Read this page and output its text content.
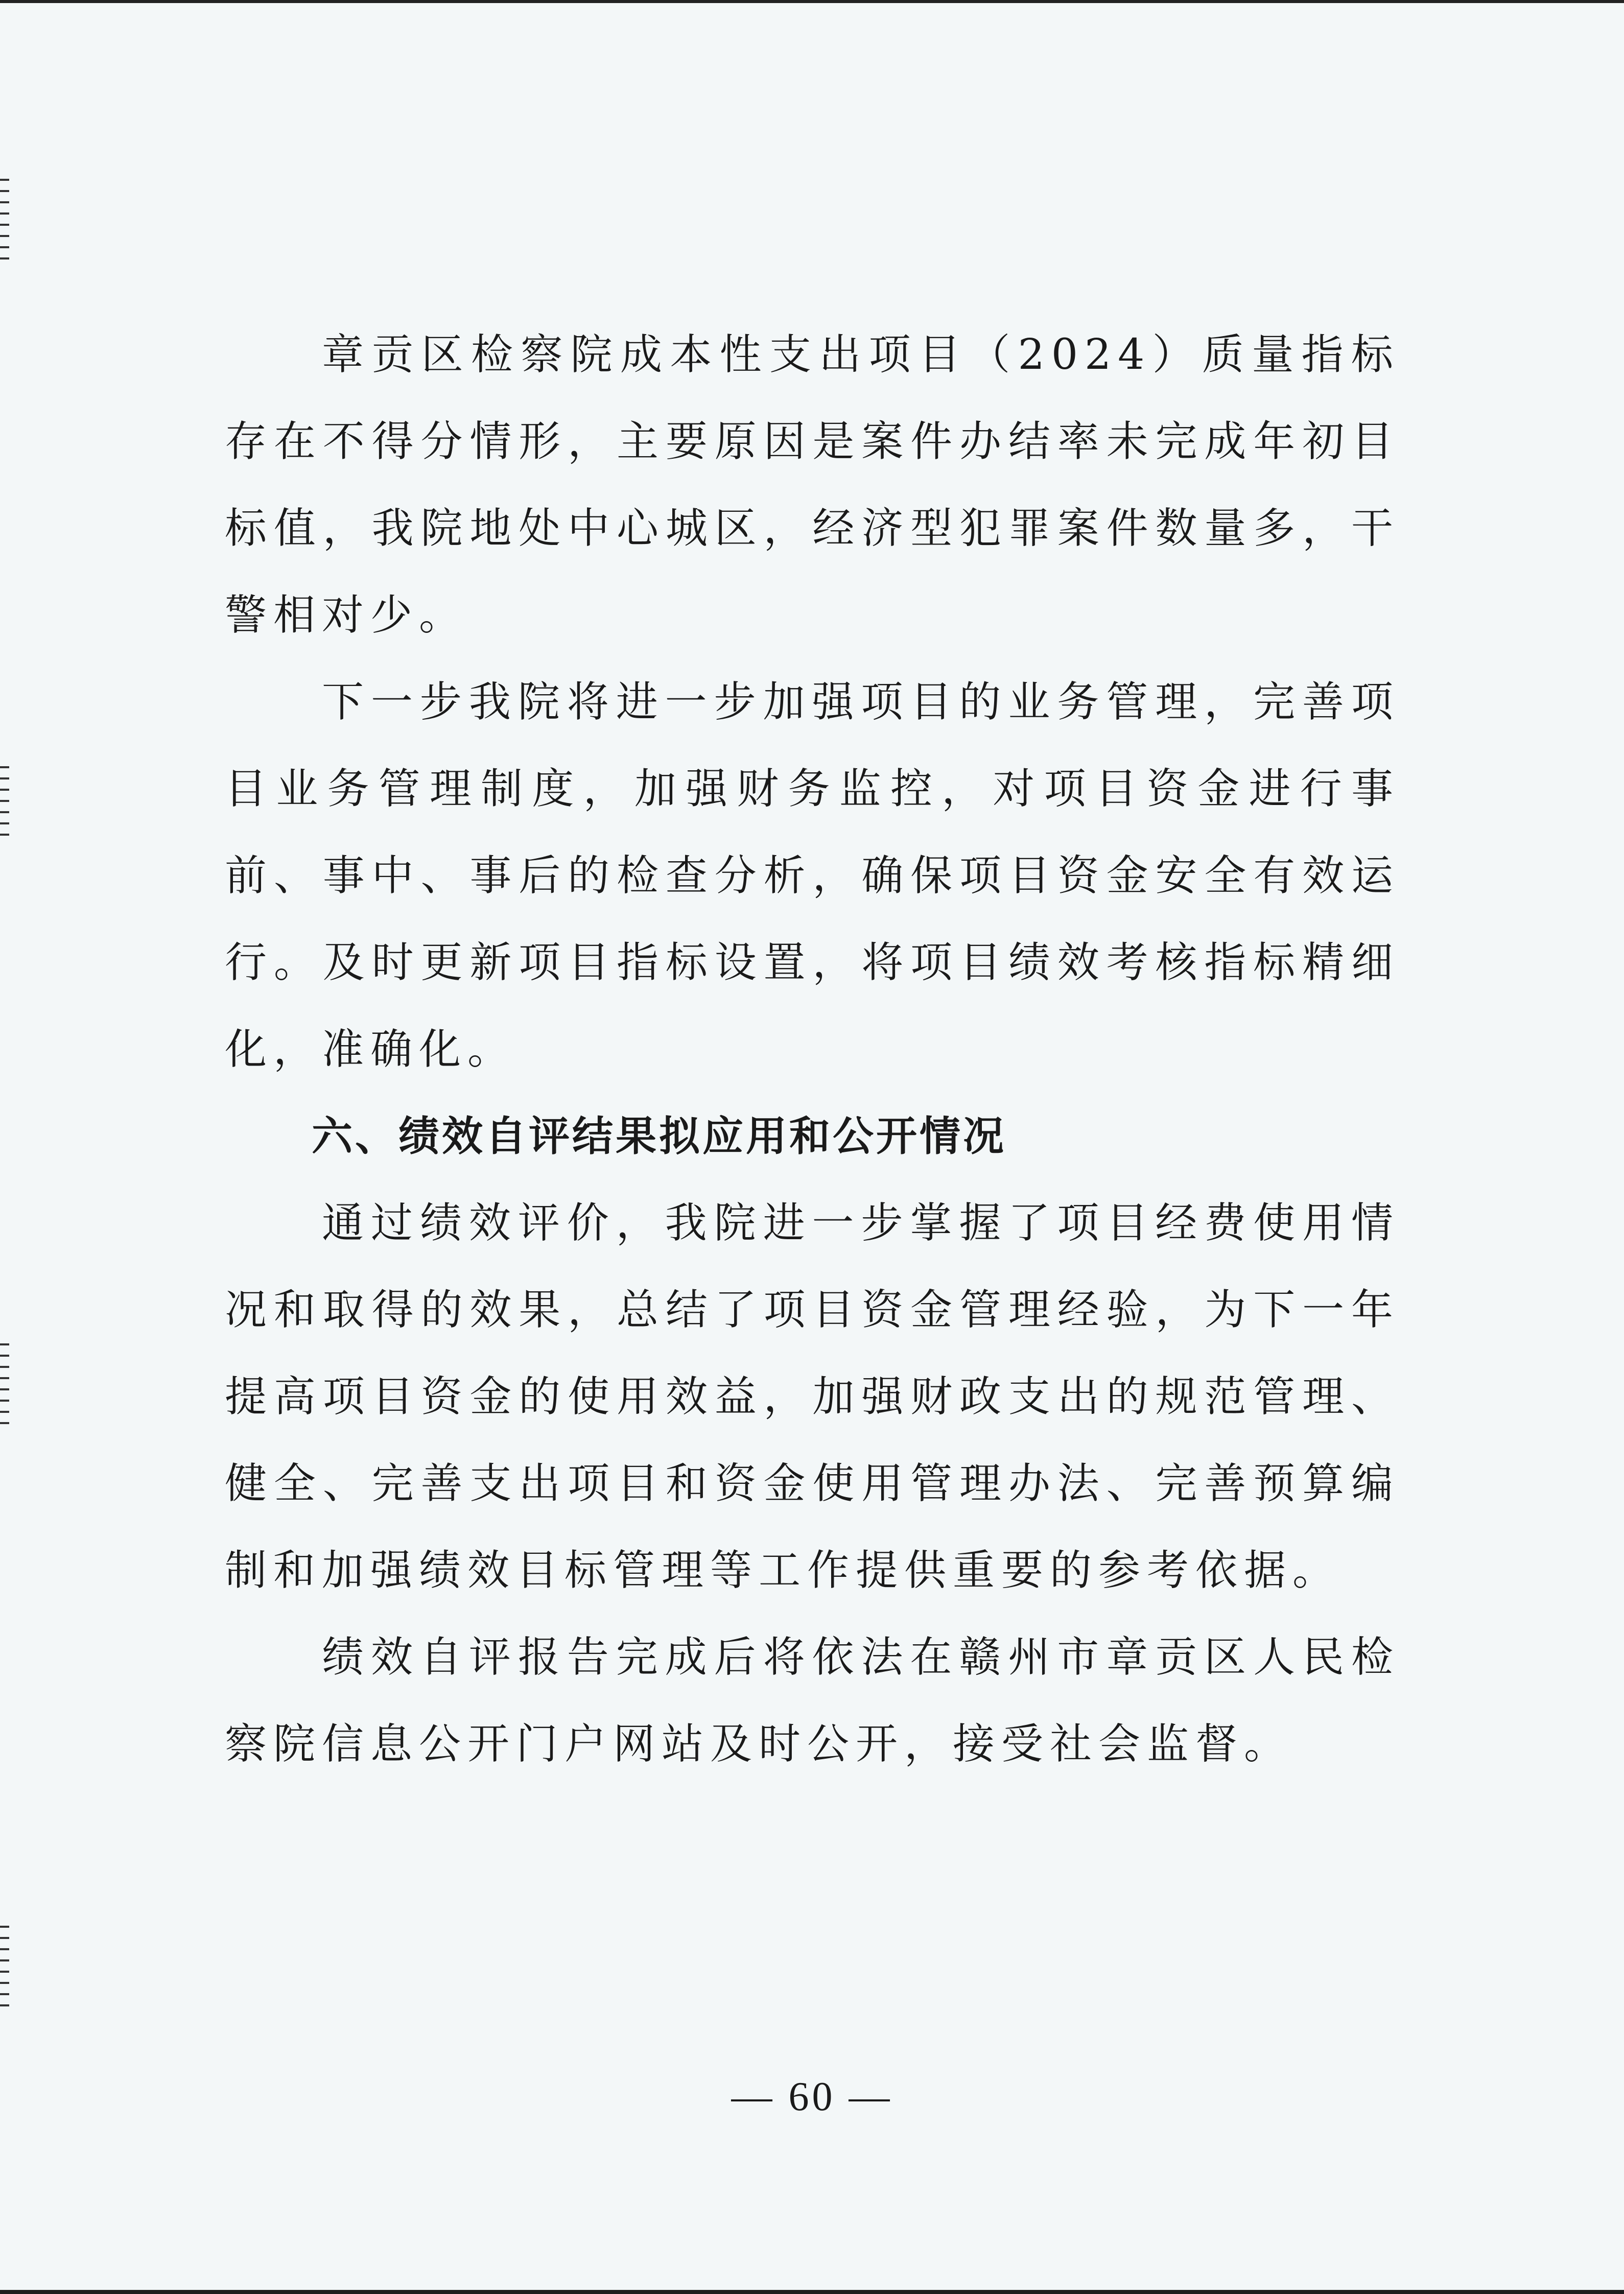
章贡区检察院成本性支出项目（2024）质量指标存在不得分情形，主要原因是案件办结率未完成年初目标值，我院地处中心城区，经济型犯罪案件数量多，干警相对少。

下一步我院将进一步加强项目的业务管理，完善项目业务管理制度，加强财务监控，对项目资金进行事前、事中、事后的检查分析，确保项目资金安全有效运行。及时更新项目指标设置，将项目绩效考核指标精细化，准确化。

六、绩效自评结果拟应用和公开情况

通过绩效评价，我院进一步掌握了项目经费使用情况和取得的效果，总结了项目资金管理经验，为下一年提高项目资金的使用效益，加强财政支出的规范管理、健全、完善支出项目和资金使用管理办法、完善预算编制和加强绩效目标管理等工作提供重要的参考依据。

绩效自评报告完成后将依法在赣州市章贡区人民检察院信息公开门户网站及时公开，接受社会监督。

— 60 —
